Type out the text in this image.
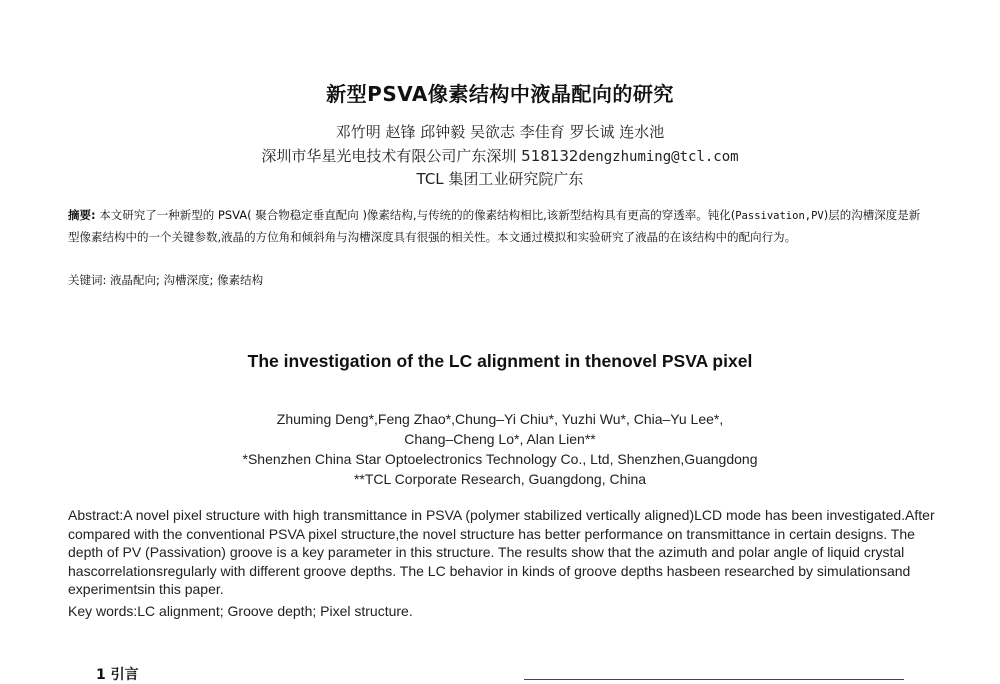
新型PSVA像素结构中液晶配向的研究
邓竹明 赵锋 邱钟毅 吴欲志 李佳育 罗长诚 连水池
深圳市华星光电技术有限公司广东深圳 518132dengzhuming@tcl.com
TCL 集团工业研究院广东
摘要: 本文研究了一种新型的 PSVA( 聚合物稳定垂直配向 )像素结构,与传统的的像素结构相比,该新型结构具有更高的穿透率。钝化(Passivation,PV)层的沟槽深度是新型像素结构中的一个关键参数,液晶的方位角和倾斜角与沟槽深度具有很强的相关性。本文通过模拟和实验研究了液晶的在该结构中的配向行为。
关键词: 液晶配向; 沟槽深度; 像素结构
The investigation of the LC alignment in thenovel PSVA pixel
Zhuming Deng*,Feng Zhao*,Chung–Yi Chiu*, Yuzhi Wu*, Chia–Yu Lee*,
Chang–Cheng Lo*, Alan Lien**
*Shenzhen China Star Optoelectronics Technology Co., Ltd, Shenzhen,Guangdong
**TCL Corporate Research, Guangdong, China
Abstract:A novel pixel structure with high transmittance in PSVA (polymer stabilized vertically aligned)LCD mode has been investigated.After compared with the conventional PSVA pixel structure,the novel structure has better performance on transmittance in certain designs. The depth of PV (Passivation) groove is a key parameter in this structure. The results show that the azimuth and polar angle of liquid crystal hascorrelationsregularly with different groove depths. The LC behavior in kinds of groove depths hasbeen researched by simulationsand experimentsin this paper.
Key words:LC alignment; Groove depth; Pixel structure.
1 引言
